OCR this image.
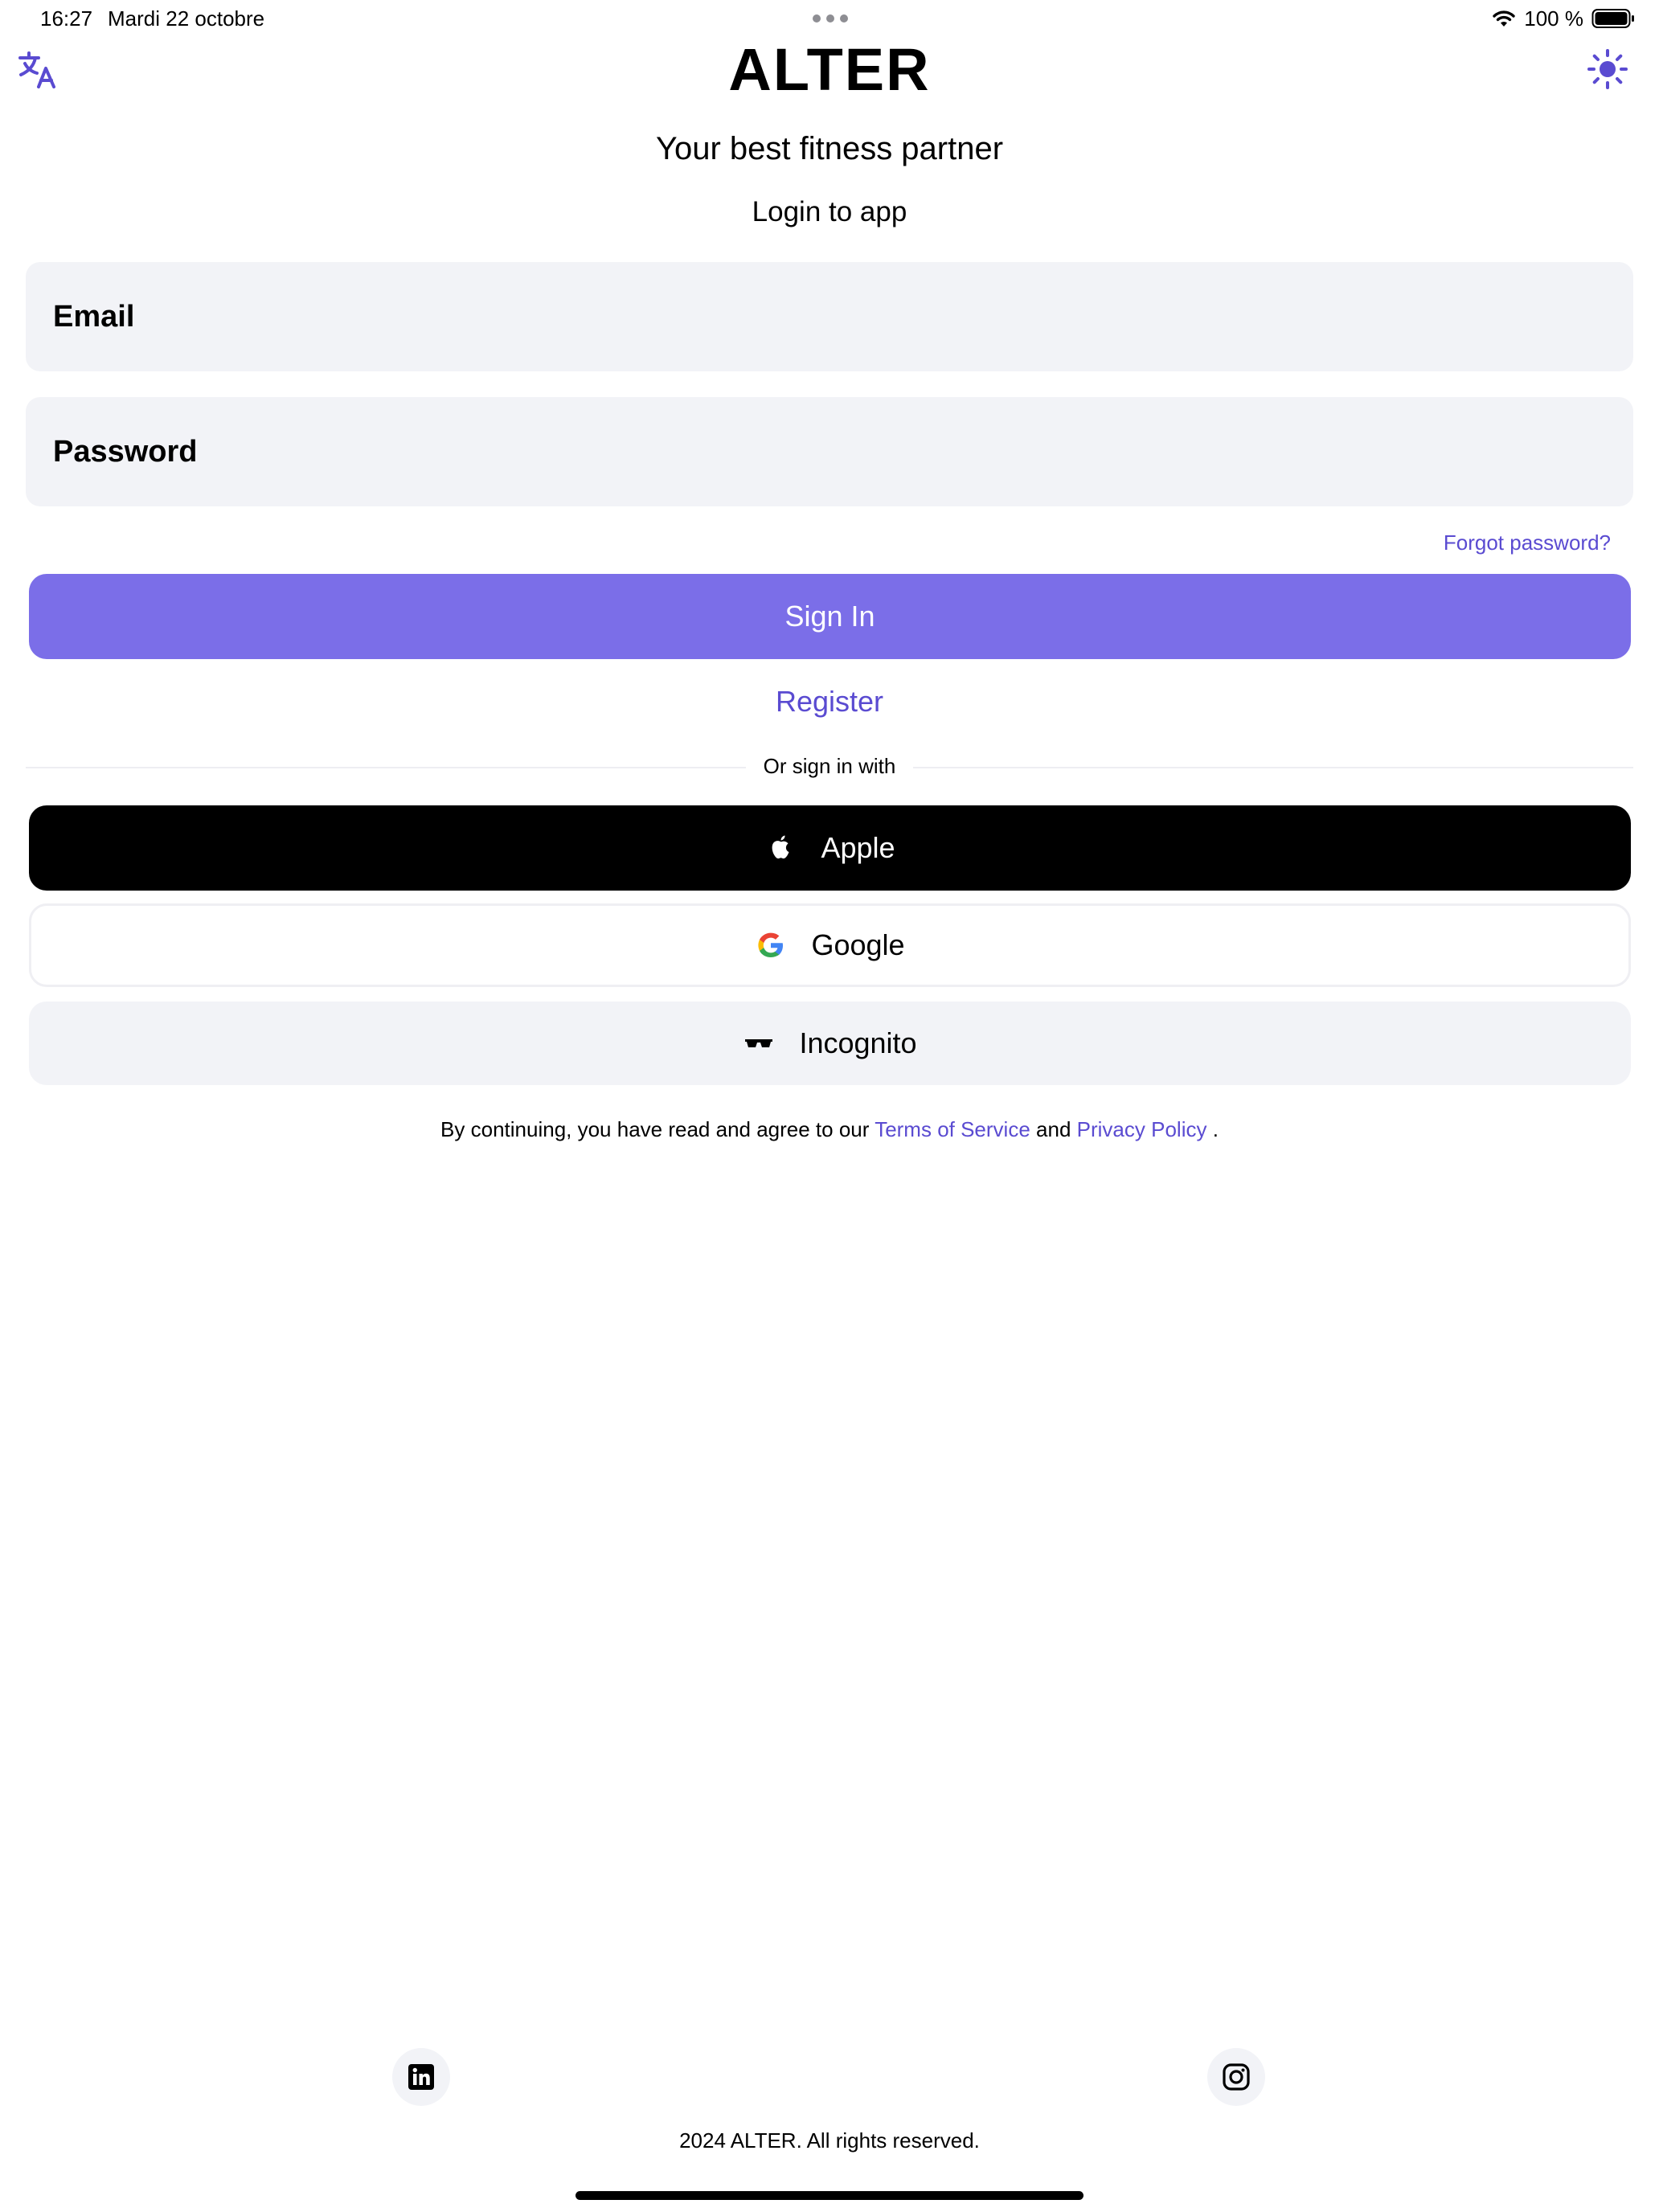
16:27 Mardi 22 octobre	100 %
ALTER
Your best fitness partner
Login to app
Email
Forgot password?
Sign In
Register
Or sign in with
Apple
Google
Incognito
By continuing, you have read and agree to our Terms of Service and Privacy Policy .
2024 ALTER. All rights reserved.
